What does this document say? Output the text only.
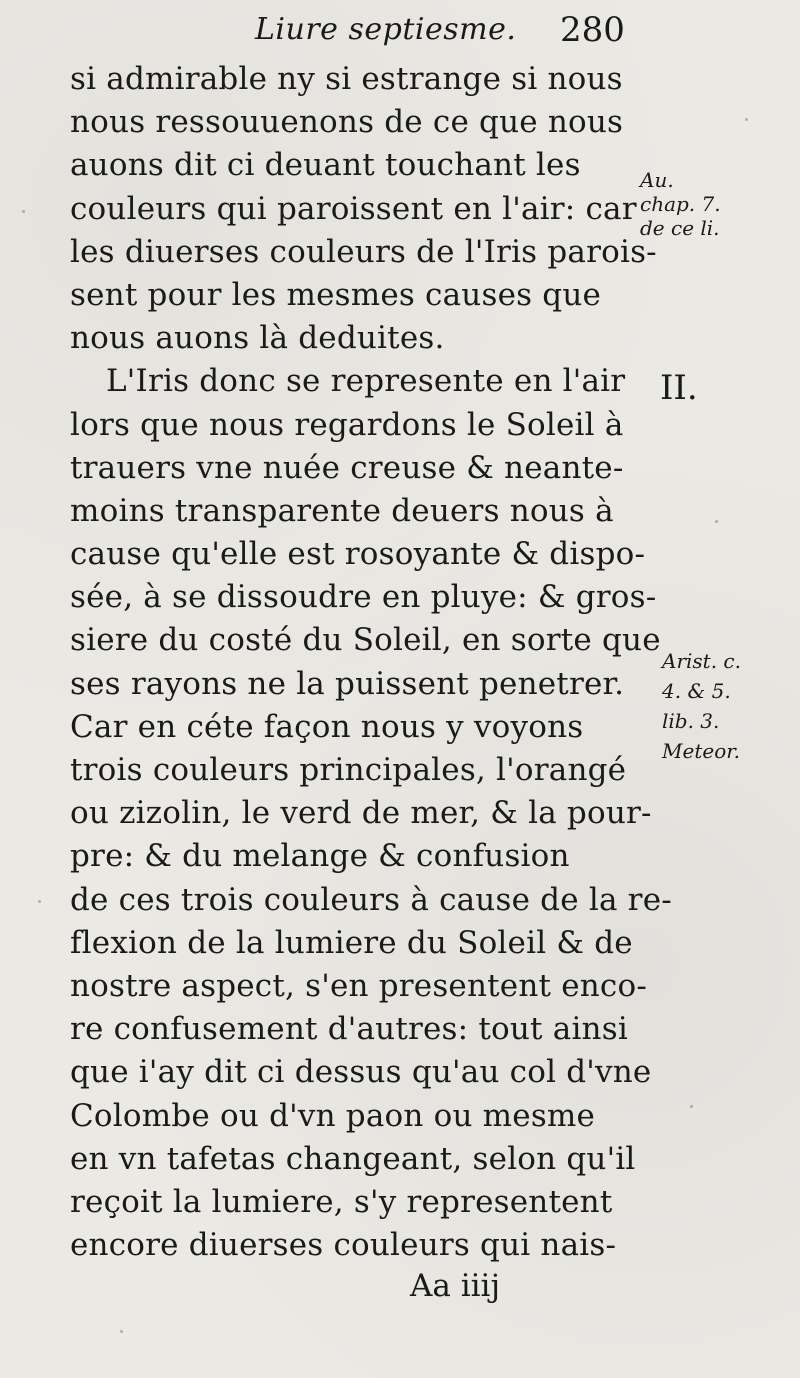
Liure septiesme. 280
si admirable ny si estrange si nous
nous ressouuenons de ce que nous
auons dit ci deuant touchant les
couleurs qui paroissent en l'air: car
les diuerses couleurs de l'Iris parois-
sent pour les mesmes causes que
nous auons là deduites.
L'Iris donc se represente en l'air
lors que nous regardons le Soleil à
trauers vne nuée creuse & neante-
moins transparente deuers nous à
cause qu'elle est rosoyante & dispo-
sée, à se dissoudre en pluye: & gros-
siere du costé du Soleil, en sorte que
ses rayons ne la puissent penetrer.
Car en céte façon nous y voyons
trois couleurs principales, l'orangé
ou zizolin, le verd de mer, & la pour-
pre: & du melange & confusion
de ces trois couleurs à cause de la re-
flexion de la lumiere du Soleil & de
nostre aspect, s'en presentent enco-
re confusement d'autres: tout ainsi
que i'ay dit ci dessus qu'au col d'vne
Colombe ou d'vn paon ou mesme
en vn tafetas changeant, selon qu'il
reçoit la lumiere, s'y representent
encore diuerses couleurs qui nais-
Au.
chap. 7.
de ce li.
II.
Arist. c.
4. & 5.
lib. 3.
Meteor.
Aa iiij
